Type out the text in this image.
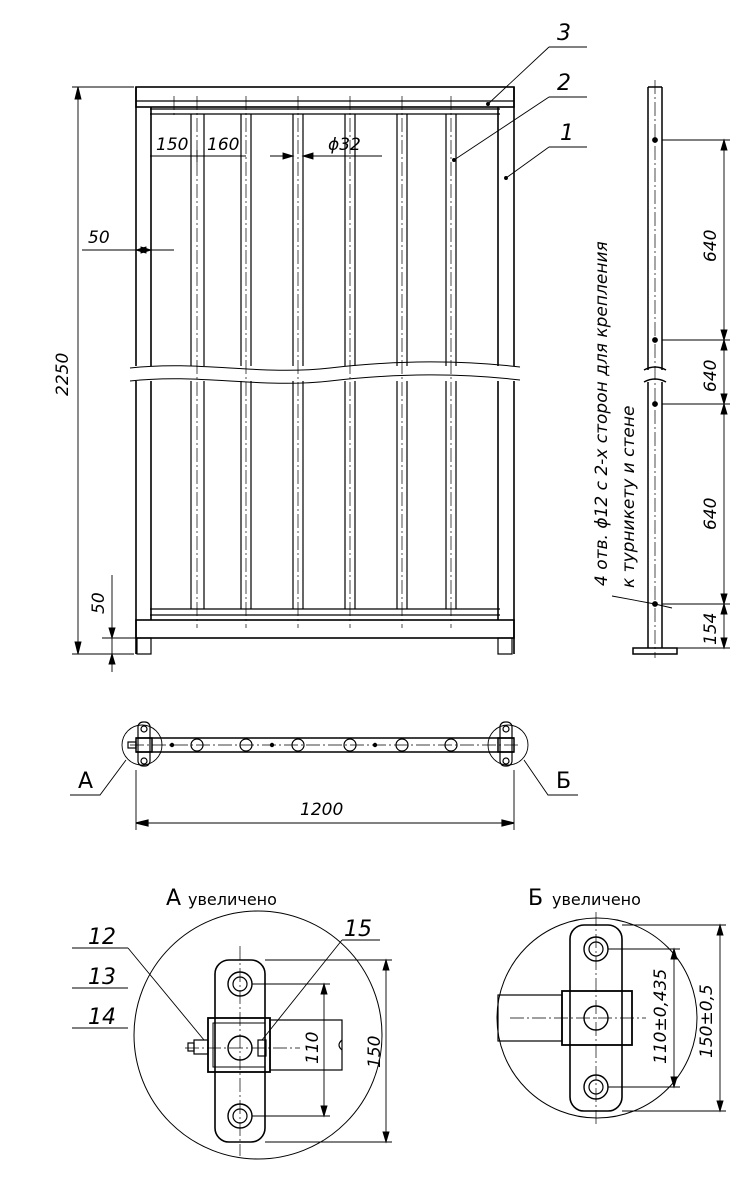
3
2
1
2250
150 160	ϕ32
50
50
640
640
640
154
4 отв. ϕ12 с 2-х сторон для крепления к турникету и стене
1200
А	Б
А увеличено	Б увеличено
12
13
14
15
110 150	110±0,435 150±0,5
